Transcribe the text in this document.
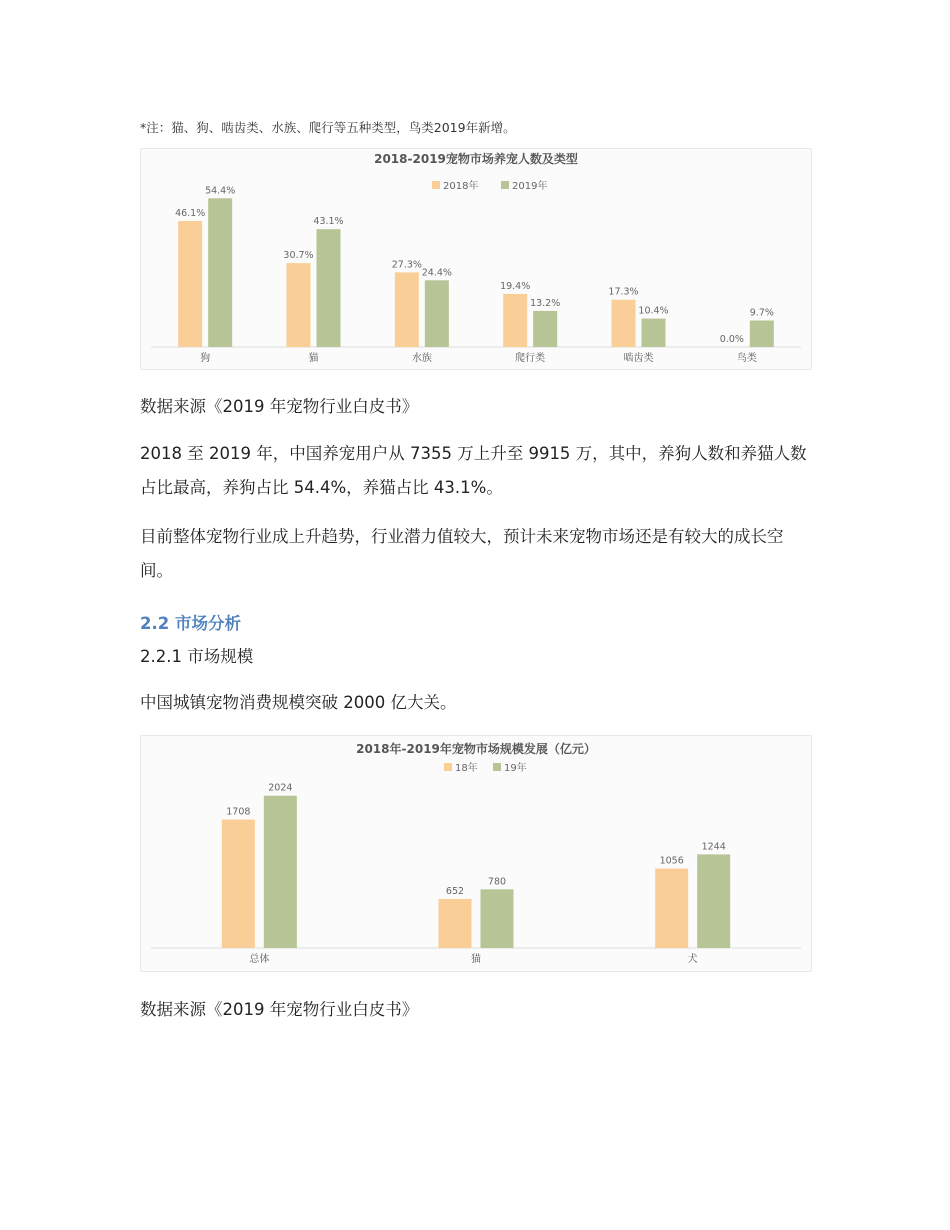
*注：猫、狗、啮齿类、水族、爬行等五种类型，鸟类2019年新增。
2018-2019宠物市场养宠人数及类型
2018年	2019年
46.1%
54.4%
狗
30.7%
43.1%
猫
27.3%
24.4%
水族
19.4%
13.2%
爬行类
17.3%
10.4%
啮齿类
0.0%
9.7%
鸟类

数据来源《2019 年宠物行业白皮书》

2018 至 2019 年，中国养宠用户从 7355 万上升至 9915 万，其中，养狗人数和养猫人数占比最高，养狗占比 54.4%，养猫占比 43.1%。

目前整体宠物行业成上升趋势，行业潜力值较大，预计未来宠物市场还是有较大的成长空间。

2.2 市场分析

2.2.1 市场规模

中国城镇宠物消费规模突破 2000 亿大关。

2018年-2019年宠物市场规模发展（亿元）
18年	19年
1708
2024
总体
652
780
猫
1056
1244
犬

数据来源《2019 年宠物行业白皮书》
